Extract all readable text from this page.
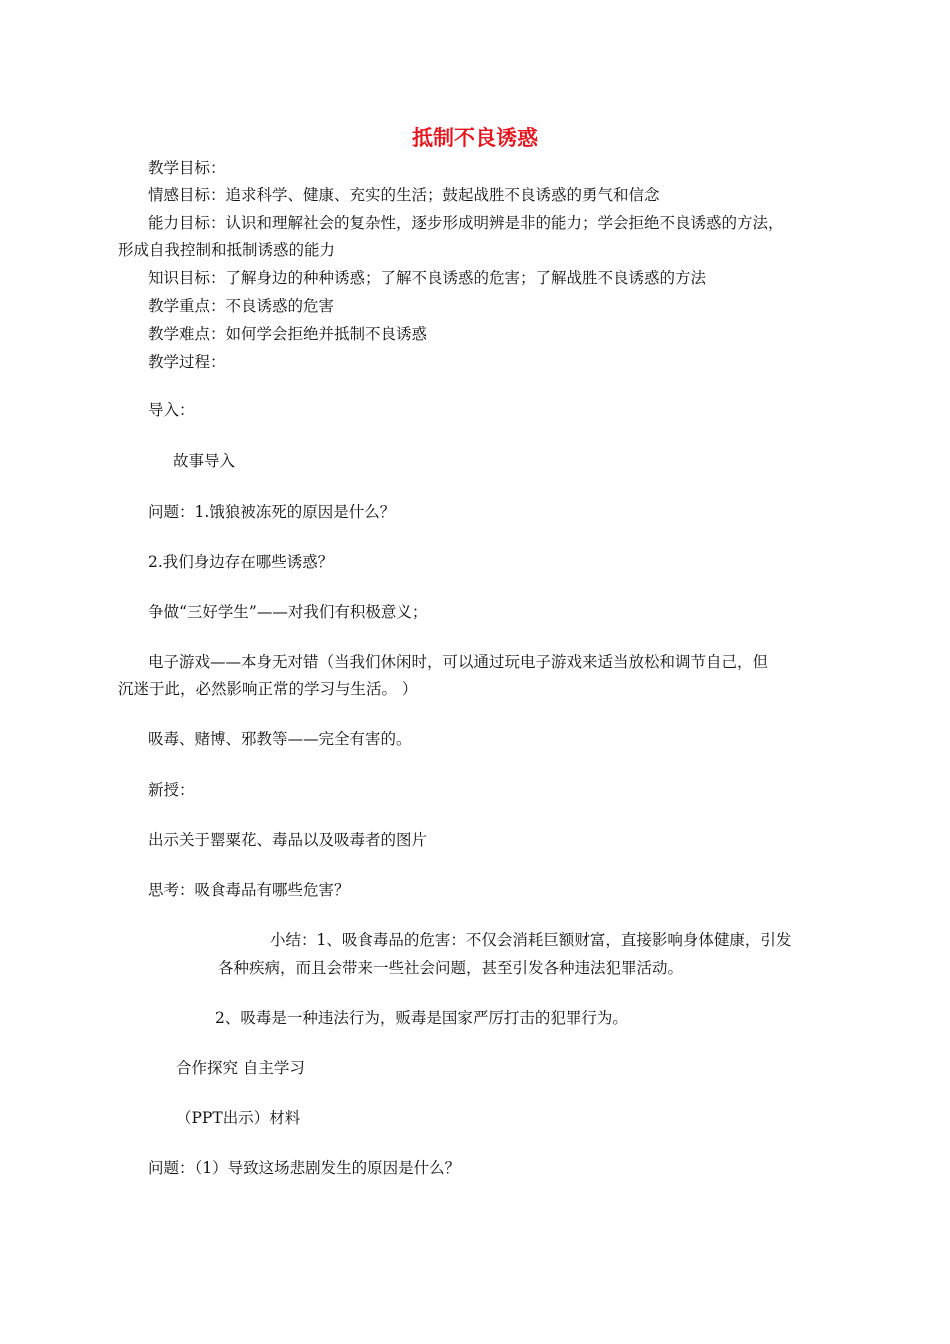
抵制不良诱惑

教学目标：

情感目标：追求科学、健康、充实的生活；鼓起战胜不良诱惑的勇气和信念

能力目标：认识和理解社会的复杂性，逐步形成明辨是非的能力；学会拒绝不良诱惑的方法，

形成自我控制和抵制诱惑的能力

知识目标：了解身边的种种诱惑；了解不良诱惑的危害；了解战胜不良诱惑的方法

教学重点：不良诱惑的危害

教学难点：如何学会拒绝并抵制不良诱惑

教学过程：

导入：

故事导入

问题：1.饿狼被冻死的原因是什么？

2.我们身边存在哪些诱惑？

争做“三好学生”——对我们有积极意义；

电子游戏——本身无对错（当我们休闲时，可以通过玩电子游戏来适当放松和调节自己，但

沉迷于此，必然影响正常的学习与生活。 ）

吸毒、赌博、邪教等——完全有害的。

新授：

出示关于罂粟花、毒品以及吸毒者的图片

思考：吸食毒品有哪些危害？

小结：1、吸食毒品的危害：不仅会消耗巨额财富，直接影响身体健康，引发

各种疾病，而且会带来一些社会问题，甚至引发各种违法犯罪活动。

2、吸毒是一种违法行为，贩毒是国家严厉打击的犯罪行为。

合作探究 自主学习

（PPT出示）材料

问题：（1）导致这场悲剧发生的原因是什么？
